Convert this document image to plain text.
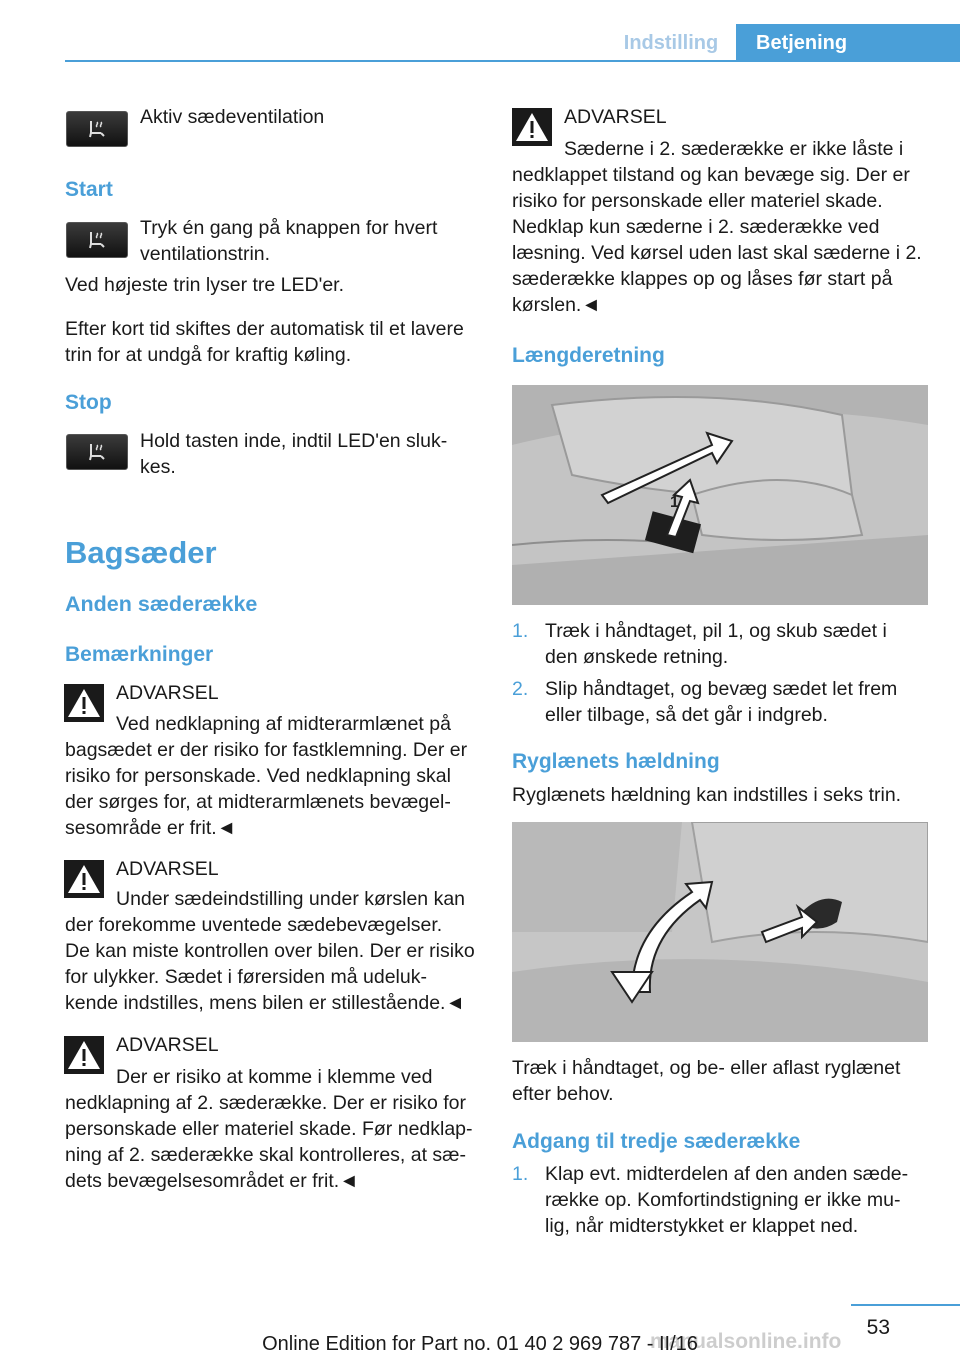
Indstilling	Betjening
Aktiv sædeventilation
Start
Tryk én gang på knappen for hvert
ventilationstrin.
Ved højeste trin lyser tre LED'er.
Efter kort tid skiftes der automatisk til et lavere
trin for at undgå for kraftig køling.
Stop
Hold tasten inde, indtil LED'en sluk-
kes.
Bagsæder
Anden sæderække
Bemærkninger
ADVARSEL
Ved nedklapning af midterarmlænet på
bagsædet er der risiko for fastklemning. Der er
risiko for personskade. Ved nedklapning skal
der sørges for, at midterarmlænets bevægel-
sesområde er frit.◄
ADVARSEL
Under sædeindstilling under kørslen kan
der forekomme uventede sædebevægelser.
De kan miste kontrollen over bilen. Der er risiko
for ulykker. Sædet i førersiden må udeluk-
kende indstilles, mens bilen er stillestående.◄
ADVARSEL
Der er risiko at komme i klemme ved
nedklapning af 2. sæderække. Der er risiko for
personskade eller materiel skade. Før nedklap-
ning af 2. sæderække skal kontrolleres, at sæ-
dets bevægelsesområdet er frit.◄
ADVARSEL
Sæderne i 2. sæderække er ikke låste i
nedklappet tilstand og kan bevæge sig. Der er
risiko for personskade eller materiel skade.
Nedklap kun sæderne i 2. sæderække ved
læsning. Ved kørsel uden last skal sæderne i 2.
sæderække klappes op og låses før start på
kørslen.◄
Længderetning
1
1. Træk i håndtaget, pil 1, og skub sædet i
den ønskede retning.
2. Slip håndtaget, og bevæg sædet let frem
eller tilbage, så det går i indgreb.
Ryglænets hældning
Ryglænets hældning kan indstilles i seks trin.
Træk i håndtaget, og be- eller aflast ryglænet
efter behov.
Adgang til tredje sæderække
1. Klap evt. midterdelen af den anden sæde-
række op. Komfortindstigning er ikke mu-
lig, når midterstykket er klappet ned.
53
manualsonline.info
Online Edition for Part no. 01 40 2 969 787 - II/16
